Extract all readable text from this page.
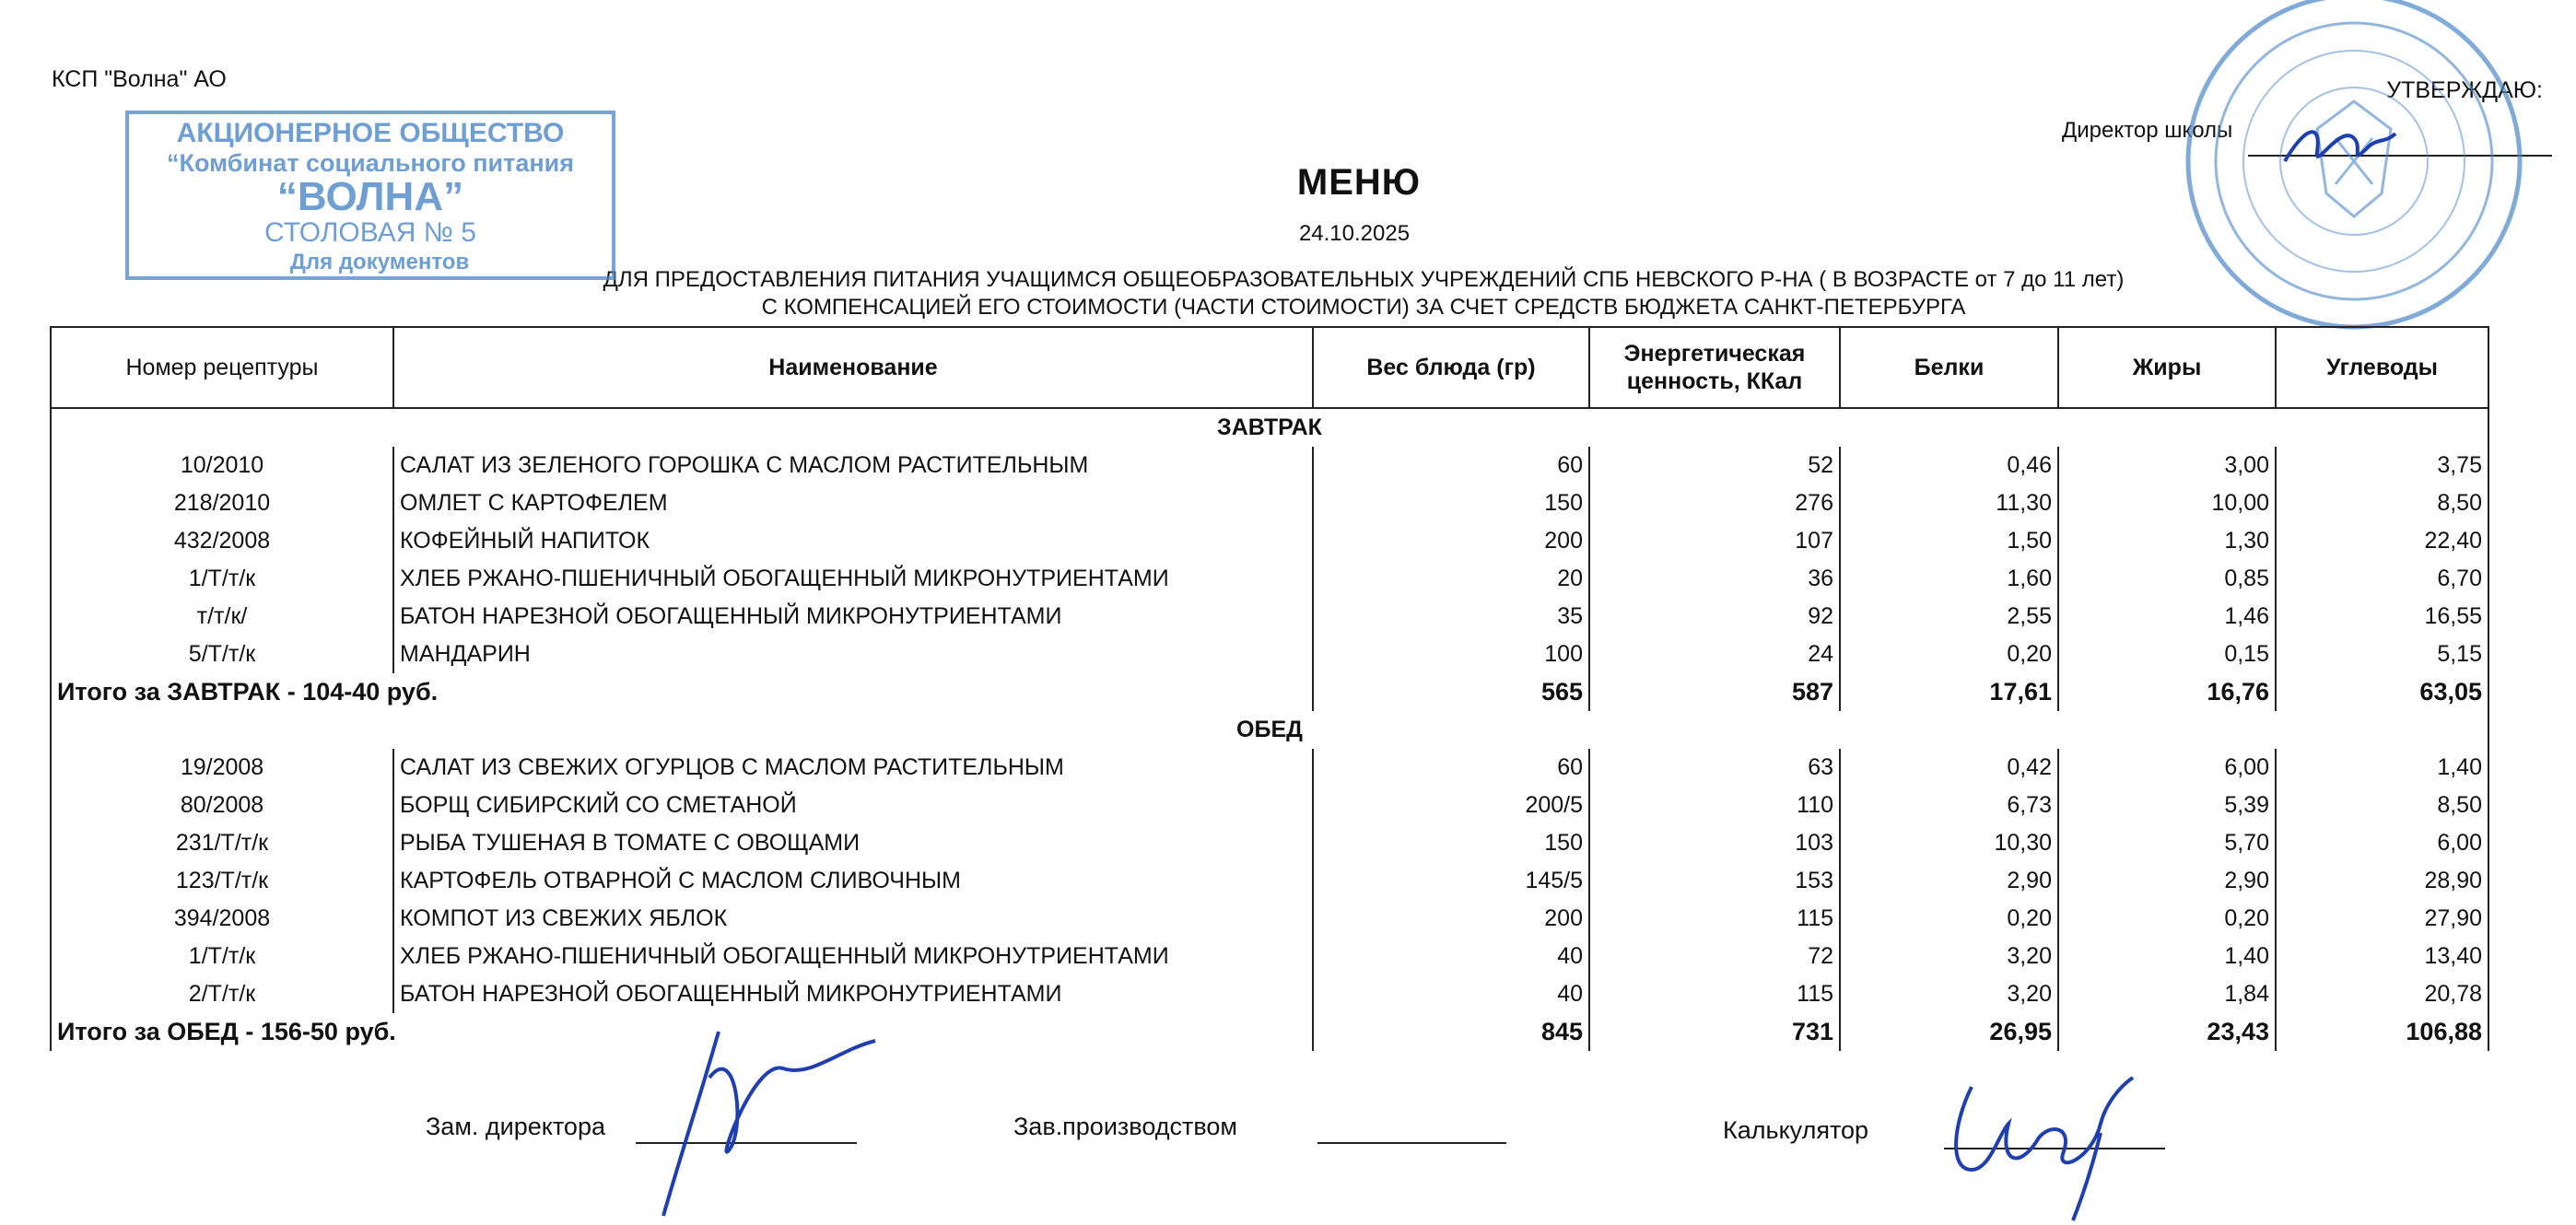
КСП "Волна" АО	УТВЕРЖДАЮ:
Директор школы
МЕНЮ
24.10.2025
ДЛЯ ПРЕДОСТАВЛЕНИЯ ПИТАНИЯ УЧАЩИМСЯ ОБЩЕОБРАЗОВАТЕЛЬНЫХ УЧРЕЖДЕНИЙ СПБ НЕВСКОГО Р-НА ( В ВОЗРАСТЕ от 7 до 11 лет)
С КОМПЕНСАЦИЕЙ ЕГО СТОИМОСТИ (ЧАСТИ СТОИМОСТИ) ЗА СЧЕТ СРЕДСТВ БЮДЖЕТА САНКТ-ПЕТЕРБУРГА
АКЦИОНЕРНОЕ ОБЩЕСТВО
“Комбинат социального питания
“ВОЛНА”
СТОЛОВАЯ № 5
Для документов
Номер рецептуры	Наименование	Вес блюда (гр)	Энергетическая ценность, ККал	Белки	Жиры	Углеводы
ЗАВТРАК						
10/2010	САЛАТ ИЗ ЗЕЛЕНОГО ГОРОШКА С МАСЛОМ РАСТИТЕЛЬНЫМ	60	52	0,46	3,00	3,75
218/2010	ОМЛЕТ С КАРТОФЕЛЕМ	150	276	11,30	10,00	8,50
432/2008	КОФЕЙНЫЙ НАПИТОК	200	107	1,50	1,30	22,40
1/Т/т/к	ХЛЕБ РЖАНО-ПШЕНИЧНЫЙ ОБОГАЩЕННЫЙ МИКРОНУТРИЕНТАМИ	20	36	1,60	0,85	6,70
т/т/к/	БАТОН НАРЕЗНОЙ ОБОГАЩЕННЫЙ МИКРОНУТРИЕНТАМИ	35	92	2,55	1,46	16,55
5/Т/т/к	МАНДАРИН	100	24	0,20	0,15	5,15
Итого за ЗАВТРАК - 104-40 руб.		565	587	17,61	16,76	63,05
ОБЕД						
19/2008	САЛАТ ИЗ СВЕЖИХ ОГУРЦОВ С МАСЛОМ РАСТИТЕЛЬНЫМ	60	63	0,42	6,00	1,40
80/2008	БОРЩ СИБИРСКИЙ СО СМЕТАНОЙ	200/5	110	6,73	5,39	8,50
231/Т/т/к	РЫБА ТУШЕНАЯ В ТОМАТЕ С ОВОЩАМИ	150	103	10,30	5,70	6,00
123/Т/т/к	КАРТОФЕЛЬ ОТВАРНОЙ С МАСЛОМ СЛИВОЧНЫМ	145/5	153	2,90	2,90	28,90
394/2008	КОМПОТ ИЗ СВЕЖИХ ЯБЛОК	200	115	0,20	0,20	27,90
1/Т/т/к	ХЛЕБ РЖАНО-ПШЕНИЧНЫЙ ОБОГАЩЕННЫЙ МИКРОНУТРИЕНТАМИ	40	72	3,20	1,40	13,40
2/Т/т/к	БАТОН НАРЕЗНОЙ ОБОГАЩЕННЫЙ МИКРОНУТРИЕНТАМИ	40	115	3,20	1,84	20,78
Итого за ОБЕД - 156-50 руб.		845	731	26,95	23,43	106,88
Зам. директора	Зав.производством	Калькулятор
